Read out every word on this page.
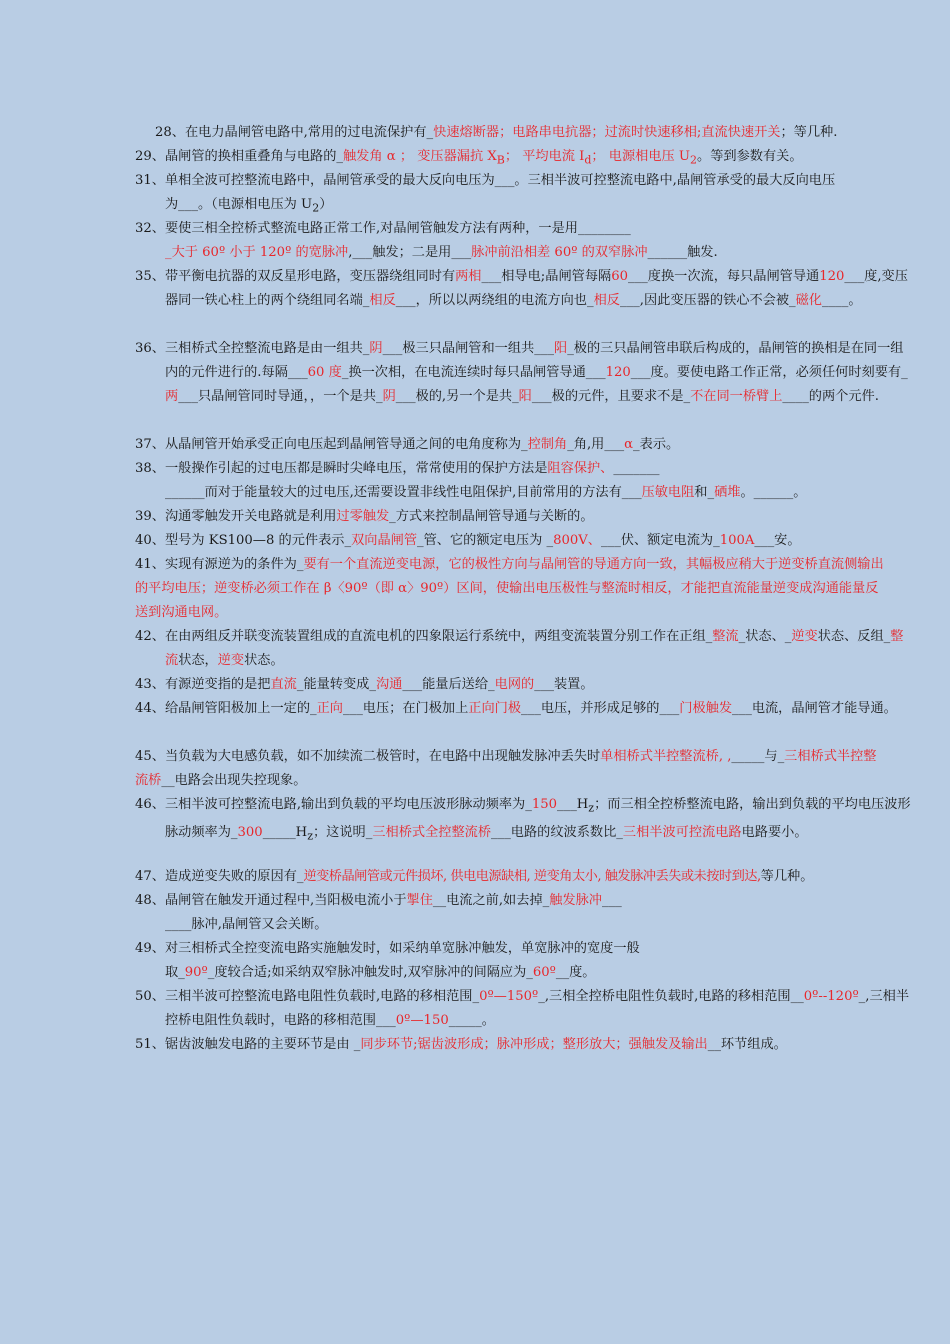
28、在电力晶闸管电路中,常用的过电流保护有_快速熔断器；电路串电抗器；过流时快速移相;直流快速开关；等几种.
29、晶闸管的换相重叠角与电路的_触发角 α ； 变压器漏抗 $X_B$； 平均电流 $I_d$； 电源相电压 $U_2$。等到参数有关。
31、单相全波可控整流电路中，晶闸管承受的最大反向电压为___。三相半波可控整流电路中,晶闸管承受的最大反向电压
为___。（电源相电压为 $U_2$）
32、要使三相全控桥式整流电路正常工作,对晶闸管触发方法有两种，一是用________
_大于 60º 小于 120º 的宽脉冲,___触发；二是用___脉冲前沿相差 60º 的双窄脉冲______触发.
35、带平衡电抗器的双反星形电路，变压器绕组同时有两相___相导电;晶闸管每隔60___度换一次流，每只晶闸管导通120___度,变压器同一铁心柱上的两个绕组同名端_相反___，所以以两绕组的电流方向也_相反___,因此变压器的铁心不会被_磁化____。
36、三相桥式全控整流电路是由一组共_阴___极三只晶闸管和一组共___阳_极的三只晶闸管串联后构成的，晶闸管的换相是在同一组内的元件进行的.每隔___60 度_换一次相，在电流连续时每只晶闸管导通___120___度。要使电路工作正常，必须任何时刻要有_两___只晶闸管同时导通，，一个是共_阴___极的,另一个是共_阳___极的元件，且要求不是_不在同一桥臂上____的两个元件.
37、从晶闸管开始承受正向电压起到晶闸管导通之间的电角度称为_控制角_角,用___α_表示。
38、一般操作引起的过电压都是瞬时尖峰电压，常常使用的保护方法是阻容保护、_______
______而对于能量较大的过电压,还需要设置非线性电阻保护,目前常用的方法有___压敏电阻和_硒堆。______。
39、沟通零触发开关电路就是利用过零触发_方式来控制晶闸管导通与关断的。
40、型号为 KS100—8 的元件表示_双向晶闸管_管、它的额定电压为 _800V、___伏、额定电流为_100A___安。
41、实现有源逆为的条件为_要有一个直流逆变电源，它的极性方向与晶闸管的导通方向一致，其幅极应稍大于逆变桥直流侧输出的平均电压；逆变桥必须工作在 β〈90º（即 α〉90º）区间，使输出电压极性与整流时相反，才能把直流能量逆变成沟通能量反送到沟通电网。
42、在由两组反并联变流装置组成的直流电机的四象限运行系统中，两组变流装置分别工作在正组_整流_状态、_逆变状态、反组_整流状态，逆变状态。
43、有源逆变指的是把直流_能量转变成_沟通___能量后送给_电网的___装置。
44、给晶闸管阳极加上一定的_正向___电压；在门极加上正向门极___电压，并形成足够的___门极触发___电流，晶闸管才能导通。
45、当负载为大电感负载，如不加续流二极管时，在电路中出现触发脉冲丢失时单相桥式半控整流桥, ,_____与_三相桥式半控整流桥__电路会出现失控现象。
46、三相半波可控整流电路,输出到负载的平均电压波形脉动频率为$\_150\_\_\_H_z$；而三相全控桥整流电路，输出到负载的平均电压波形脉动频率为$\_300\_\_\_\_\_H_z$；这说明_三相桥式全控整流桥___电路的纹波系数比_三相半波可控流电路电路要小。
47、造成逆变失败的原因有_逆变桥晶闸管或元件损坏, 供电电源缺相, 逆变角太小, 触发脉冲丢失或未按时到达,等几种。
48、晶闸管在触发开通过程中,当阳极电流小于掣住__电流之前,如去掉_触发脉冲___
____脉冲,晶闸管又会关断。
49、对三相桥式全控变流电路实施触发时，如采纳单宽脉冲触发，单宽脉冲的宽度一般
取_90º_度较合适;如采纳双窄脉冲触发时,双窄脉冲的间隔应为_60º__度。
50、三相半波可控整流电路电阻性负载时,电路的移相范围_0º—150º_,三相全控桥电阻性负载时,电路的移相范围__0º--120º_,三相半控桥电阻性负载时，电路的移相范围___0º—150_____。
51、锯齿波触发电路的主要环节是由 _同步环节;锯齿波形成；脉冲形成；整形放大；强触发及输出__环节组成。
